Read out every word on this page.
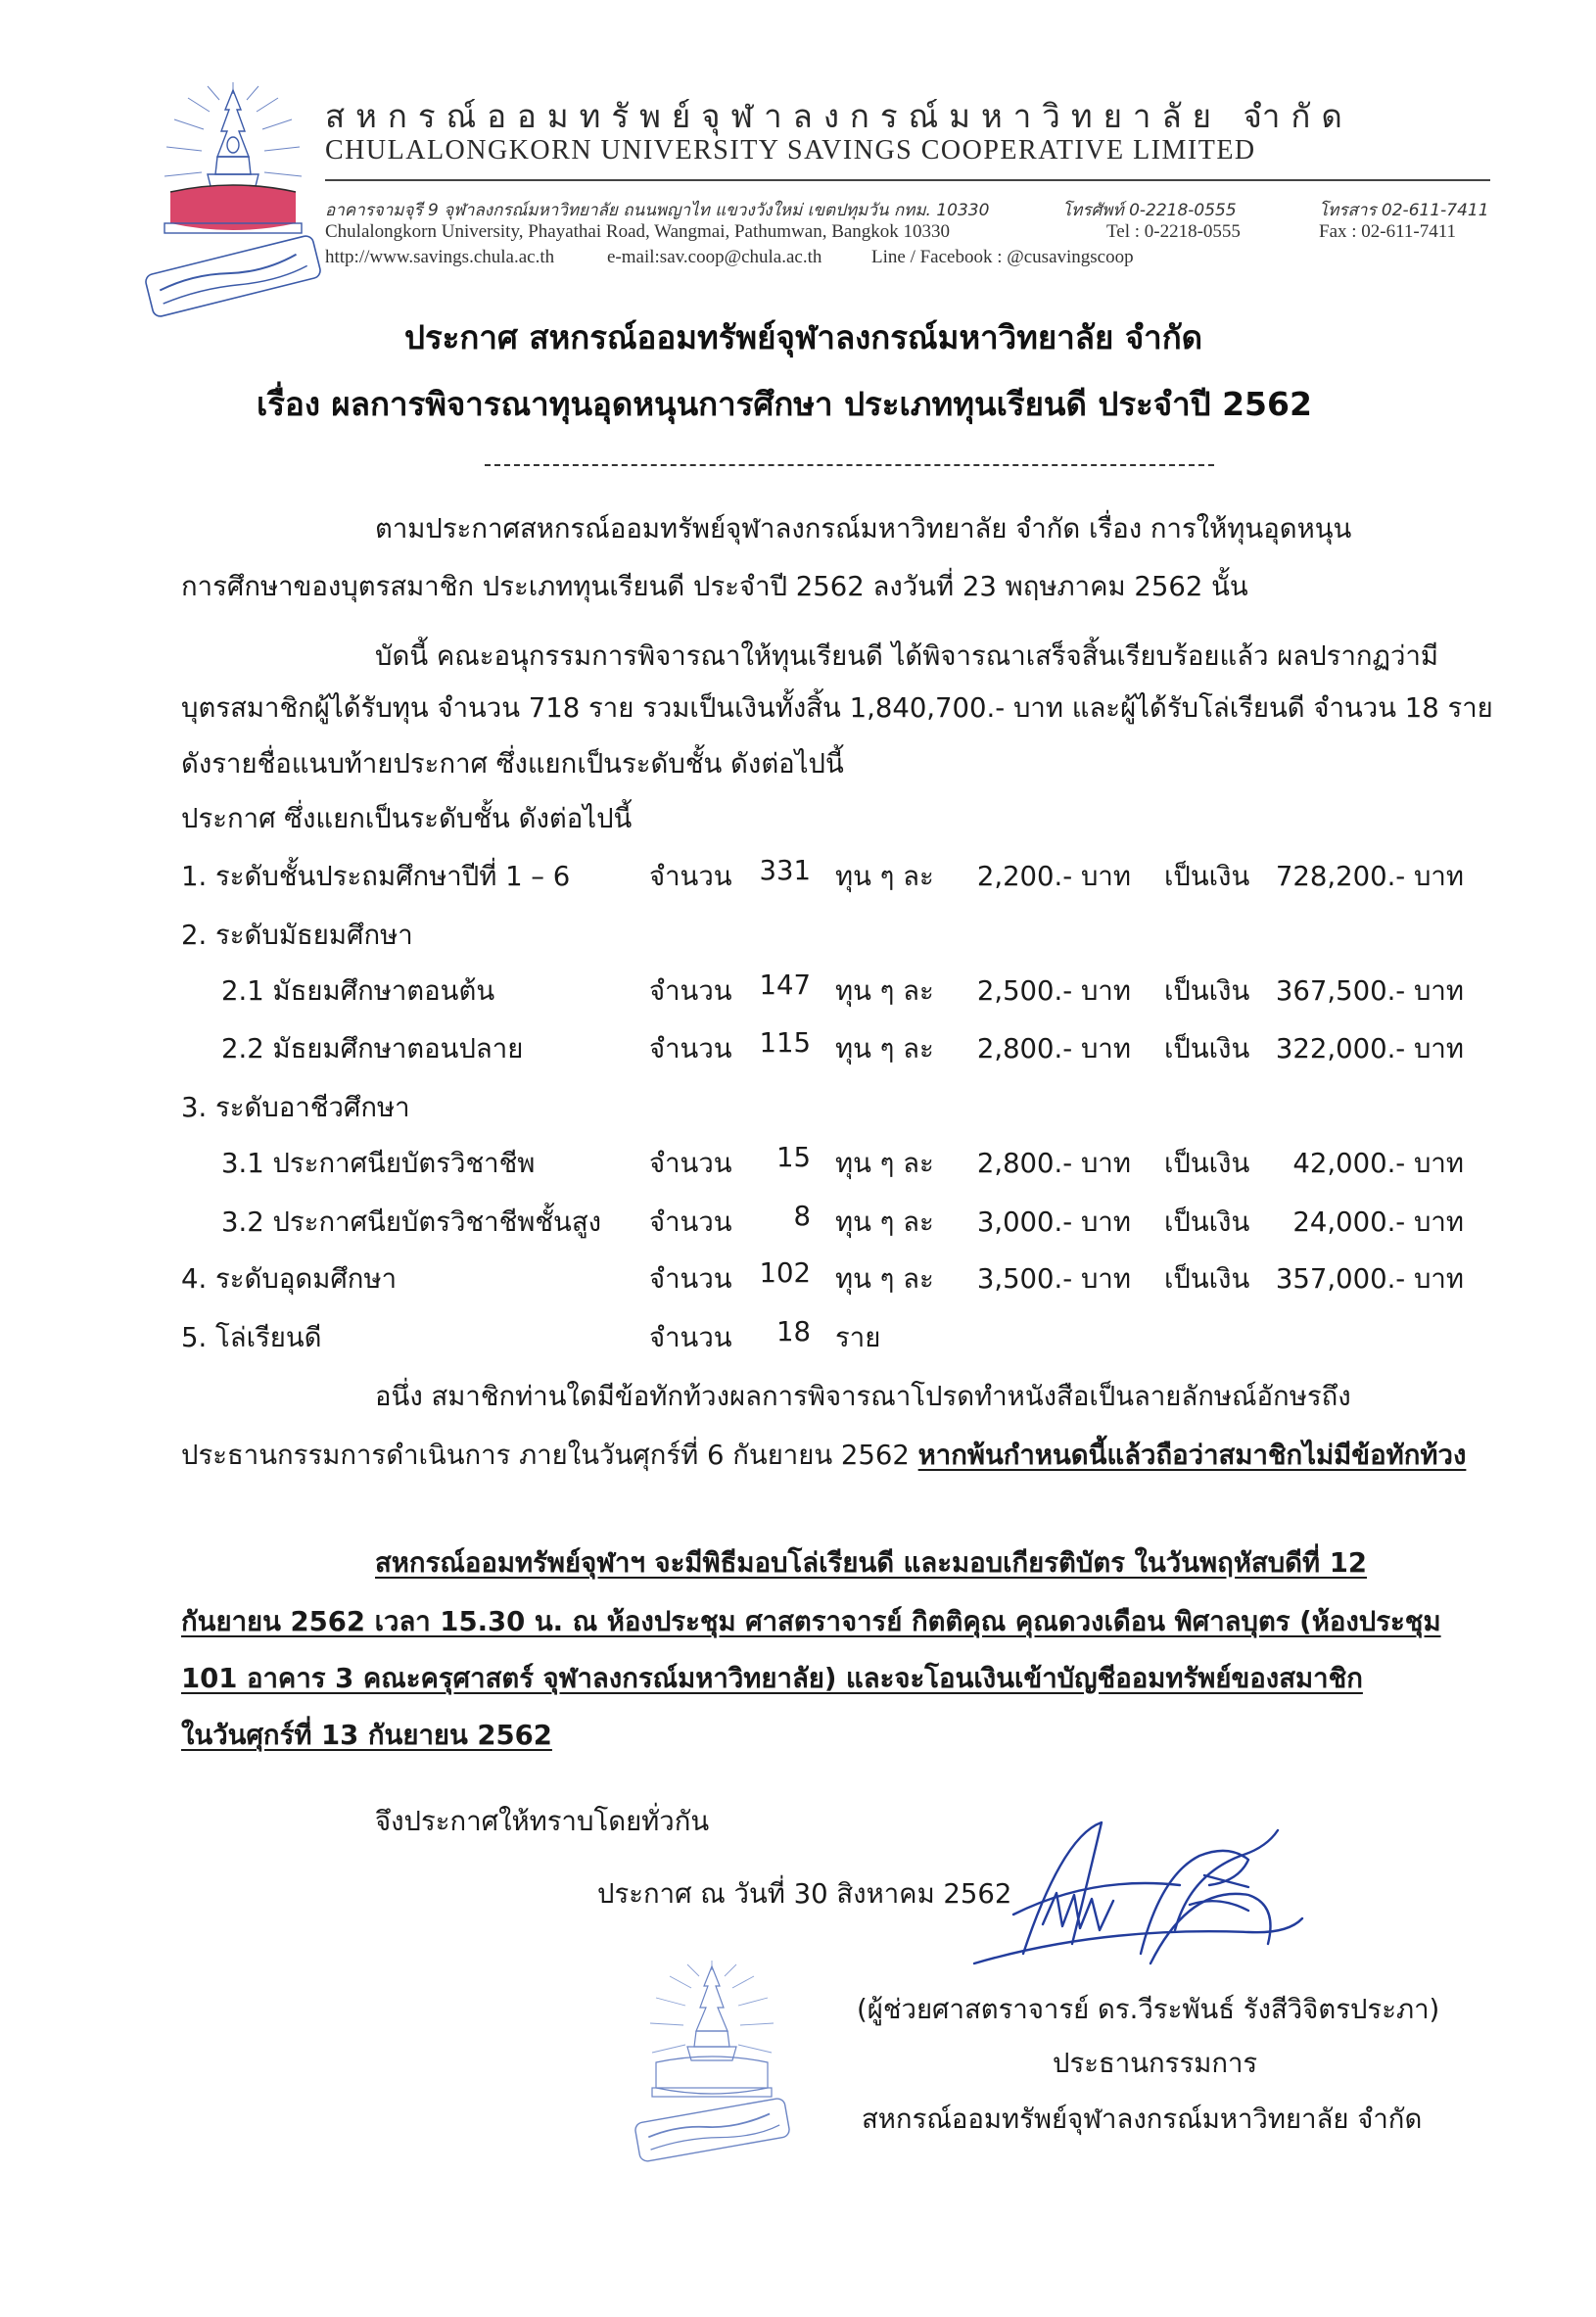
สหกรณ์ออมทรัพย์จุฬาลงกรณ์มหาวิทยาลัย จำกัด
CHULALONGKORN UNIVERSITY SAVINGS COOPERATIVE LIMITED
อาคารจามจุรี 9 จุฬาลงกรณ์มหาวิทยาลัย ถนนพญาไท แขวงวังใหม่ เขตปทุมวัน กทม. 10330	โทรศัพท์ 0-2218-0555	โทรสาร 02-611-7411
Chulalongkorn University, Phayathai Road, Wangmai, Pathumwan, Bangkok 10330	Tel : 0-2218-0555	Fax : 02-611-7411
http://www.savings.chula.ac.th	e-mail:sav.coop@chula.ac.th	Line / Facebook : @cusavingscoop
ประกาศ สหกรณ์ออมทรัพย์จุฬาลงกรณ์มหาวิทยาลัย จำกัด
เรื่อง ผลการพิจารณาทุนอุดหนุนการศึกษา ประเภททุนเรียนดี ประจำปี 2562
ตามประกาศสหกรณ์ออมทรัพย์จุฬาลงกรณ์มหาวิทยาลัย จำกัด เรื่อง การให้ทุนอุดหนุน
การศึกษาของบุตรสมาชิก ประเภททุนเรียนดี ประจำปี 2562 ลงวันที่ 23 พฤษภาคม 2562 นั้น
บัดนี้ คณะอนุกรรมการพิจารณาให้ทุนเรียนดี ได้พิจารณาเสร็จสิ้นเรียบร้อยแล้ว ผลปรากฏว่ามี
บุตรสมาชิกผู้ได้รับทุน จำนวน 718 ราย รวมเป็นเงินทั้งสิ้น 1,840,700.- บาท และผู้ได้รับโล่เรียนดี จำนวน 18 ราย
ดังรายชื่อแนบท้ายประกาศ ซึ่งแยกเป็นระดับชั้น ดังต่อไปนี้
ประกาศ ซึ่งแยกเป็นระดับชั้น ดังต่อไปนี้
1. ระดับชั้นประถมศึกษาปีที่ 1 – 6	จำนวน	331 ทุน ๆ ละ	2,200.- บาท เป็นเงิน 728,200.- บาท
2. ระดับมัธยมศึกษา
2.1 มัธยมศึกษาตอนต้น	จำนวน	147 ทุน ๆ ละ	2,500.- บาท เป็นเงิน 367,500.- บาท
2.2 มัธยมศึกษาตอนปลาย	จำนวน	115 ทุน ๆ ละ	2,800.- บาท เป็นเงิน 322,000.- บาท
3. ระดับอาชีวศึกษา
3.1 ประกาศนียบัตรวิชาชีพ	จำนวน	15 ทุน ๆ ละ	2,800.- บาท เป็นเงิน	42,000.- บาท
3.2 ประกาศนียบัตรวิชาชีพชั้นสูง จำนวน	8 ทุน ๆ ละ	3,000.- บาท เป็นเงิน	24,000.- บาท
4. ระดับอุดมศึกษา	จำนวน	102 ทุน ๆ ละ	3,500.- บาท เป็นเงิน 357,000.- บาท
5. โล่เรียนดี	จำนวน	18 ราย
อนึ่ง สมาชิกท่านใดมีข้อทักท้วงผลการพิจารณาโปรดทำหนังสือเป็นลายลักษณ์อักษรถึง
ประธานกรรมการดำเนินการ ภายในวันศุกร์ที่ 6 กันยายน 2562 หากพ้นกำหนดนี้แล้วถือว่าสมาชิกไม่มีข้อทักท้วง
สหกรณ์ออมทรัพย์จุฬาฯ จะมีพิธีมอบโล่เรียนดี และมอบเกียรติบัตร ในวันพฤหัสบดีที่ 12
กันยายน 2562 เวลา 15.30 น. ณ ห้องประชุม ศาสตราจารย์ กิตติคุณ คุณดวงเดือน พิศาลบุตร (ห้องประชุม
101 อาคาร 3 คณะครุศาสตร์ จุฬาลงกรณ์มหาวิทยาลัย) และจะโอนเงินเข้าบัญชีออมทรัพย์ของสมาชิก
ในวันศุกร์ที่ 13 กันยายน 2562
จึงประกาศให้ทราบโดยทั่วกัน
ประกาศ ณ วันที่ 30 สิงหาคม 2562
(ผู้ช่วยศาสตราจารย์ ดร.วีระพันธ์ รังสีวิจิตรประภา)
ประธานกรรมการ
สหกรณ์ออมทรัพย์จุฬาลงกรณ์มหาวิทยาลัย จำกัด
